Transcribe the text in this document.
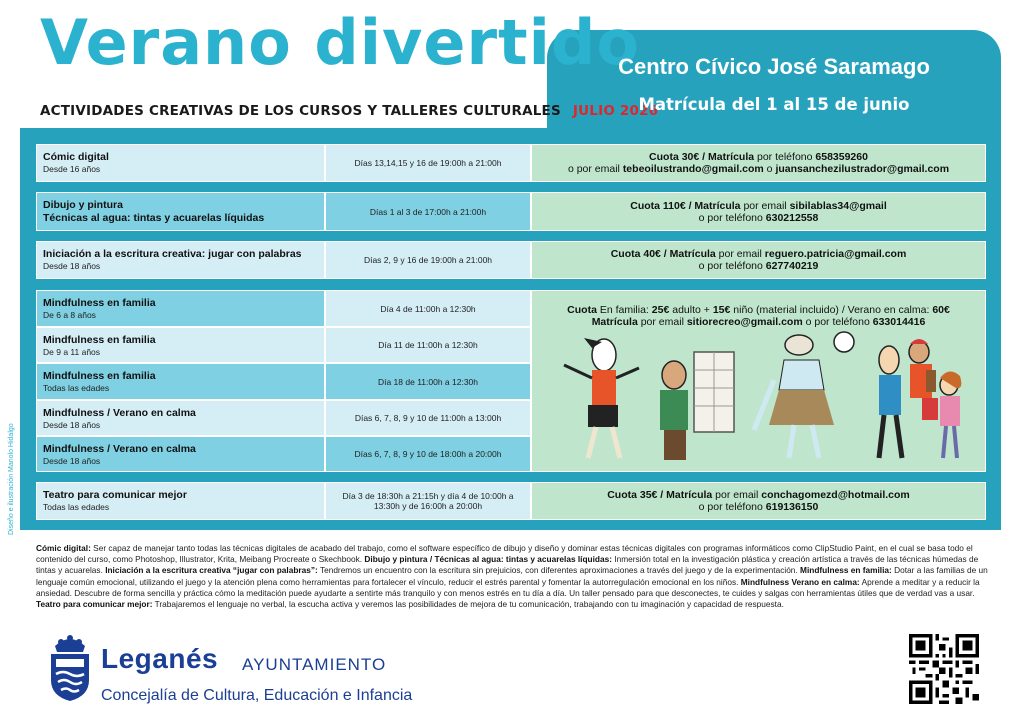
Verano divertido
ACTIVIDADES CREATIVAS DE LOS CURSOS Y TALLERES CULTURALES JULIO 2026
Centro Cívico José Saramago
Matrícula del 1 al 15 de junio
Cómic digital
Desde 16 años
Días 13,14,15 y 16 de 19:00h a 21:00h	Cuota 30€ / Matrícula por teléfono 658359260
o por email tebeoilustrando@gmail.com o juansanchezilustrador@gmail.com
Dibujo y pintura
Técnicas al agua: tintas y acuarelas líquidas
Días 1 al 3 de 17:00h a 21:00h	Cuota 110€ / Matrícula por email sibilablas34@gmail
o por teléfono 630212558
Iniciación a la escritura creativa: jugar con palabras
Desde 18 años
Días 2, 9 y 16 de 19:00h a 21:00h	Cuota 40€ / Matrícula por email reguero.patricia@gmail.com
o por teléfono 627740219
Mindfulness en familia
De 6 a 8 años
Día 4 de 11:00h a 12:30h
Mindfulness en familia
De 9 a 11 años
Día 11 de 11:00h a 12:30h
Mindfulness en familia
Todas las edades
Día 18 de 11:00h a 12:30h
Mindfulness / Verano en calma
Desde 18 años
Días 6, 7, 8, 9 y 10 de 11:00h a 13:00h
Mindfulness / Verano en calma
Desde 18 años
Días 6, 7, 8, 9 y 10 de 18:00h a 20:00h
Cuota En familia: 25€ adulto + 15€ niño (material incluido) / Verano en calma: 60€
Matrícula por email sitiorecreo@gmail.com o por teléfono 633014416
Teatro para comunicar mejor
Todas las edades
Día 3 de 18:30h a 21:15h y día 4 de 10:00h a 13:30h y de 16:00h a 20:00h
Cuota 35€ / Matrícula por email conchagomezd@hotmail.com
o por teléfono 619136150
Diseño e ilustración Manolo Hidalgo
Cómic digital: Ser capaz de manejar tanto todas las técnicas digitales de acabado del trabajo, como el software específico de dibujo y diseño y dominar estas técnicas digitales con programas informáticos como ClipStudio Paint, en el cual se basa todo el contenido del curso, como Photoshop, Illustrator, Krita, Meibang Procreate o Skechbook. Dibujo y pintura / Técnicas al agua: tintas y acuarelas líquidas: Inmersión total en la investigación plástica y creación artística a través de las técnicas húmedas de tintas y acuarelas. Iniciación a la escritura creativa “jugar con palabras”: Tendremos un encuentro con la escritura sin prejuicios, con diferentes aproximaciones a través del juego y de la experimentación. Mindfulness en familia: Dotar a las familias de un lenguaje común emocional, utilizando el juego y la atención plena como herramientas para fortalecer el vínculo, reducir el estrés parental y fomentar la autorregulación emocional en los niños. Mindfulness Verano en calma: Aprende a meditar y a reducir la ansiedad. Descubre de forma sencilla y práctica cómo la meditación puede ayudarte a sentirte más tranquilo y con menos estrés en tu día a día. Un taller pensado para que desconectes, te cuides y salgas con herramientas útiles que de verdad vas a usar. Teatro para comunicar mejor: Trabajaremos el lenguaje no verbal, la escucha activa y veremos las posibilidades de mejora de tu comunicación, trabajando con tu imaginación y capacidad de respuesta.
Leganés AYUNTAMIENTO
Concejalía de Cultura, Educación e Infancia
